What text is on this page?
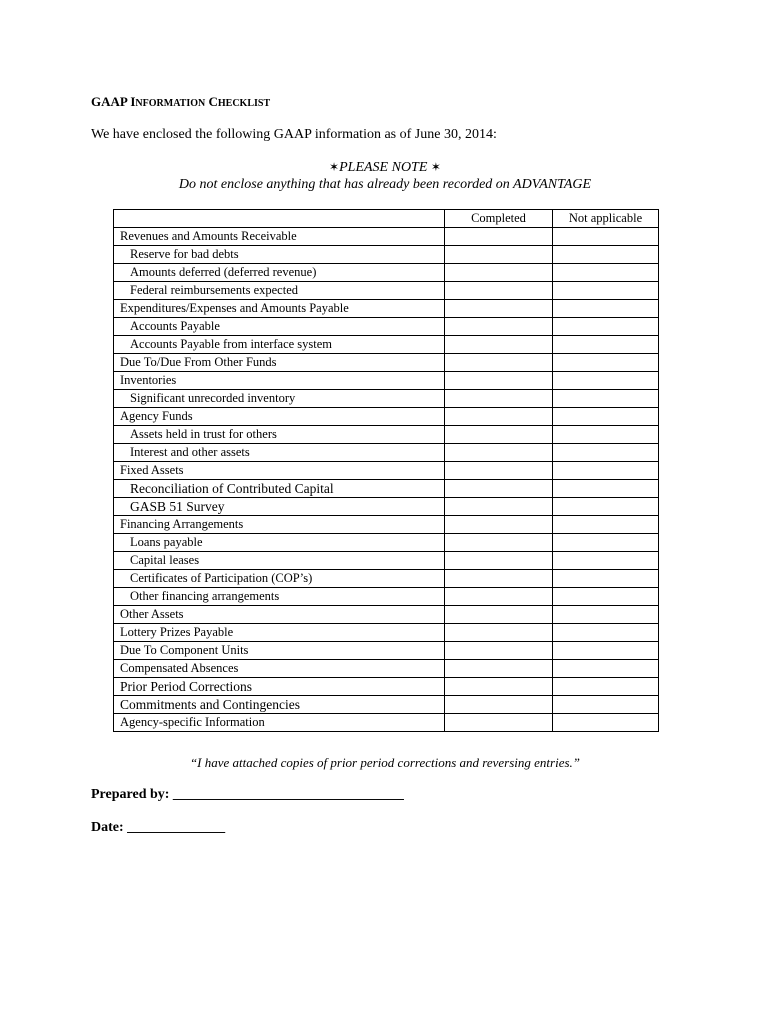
GAAP INFORMATION CHECKLIST
We have enclosed the following GAAP information as of June 30, 2014:
✶PLEASE NOTE ✶
Do not enclose anything that has already been recorded on ADVANTAGE
	Completed	Not applicable
Revenues and Amounts Receivable		
Reserve for bad debts		
Amounts deferred (deferred revenue)		
Federal reimbursements expected		
Expenditures/Expenses and Amounts Payable		
Accounts Payable		
Accounts Payable from interface system		
Due To/Due From Other Funds		
Inventories		
Significant unrecorded inventory		
Agency Funds		
Assets held in trust for others		
Interest and other assets		
Fixed Assets		
Reconciliation of Contributed Capital		
GASB 51 Survey		
Financing Arrangements		
Loans payable		
Capital leases		
Certificates of Participation (COP’s)		
Other financing arrangements		
Other Assets		
Lottery Prizes Payable		
Due To Component Units		
Compensated Absences		
Prior Period Corrections		
Commitments and Contingencies		
Agency-specific Information		
“I have attached copies of prior period corrections and reversing entries.”
Prepared by: _________________________________
Date: ______________
